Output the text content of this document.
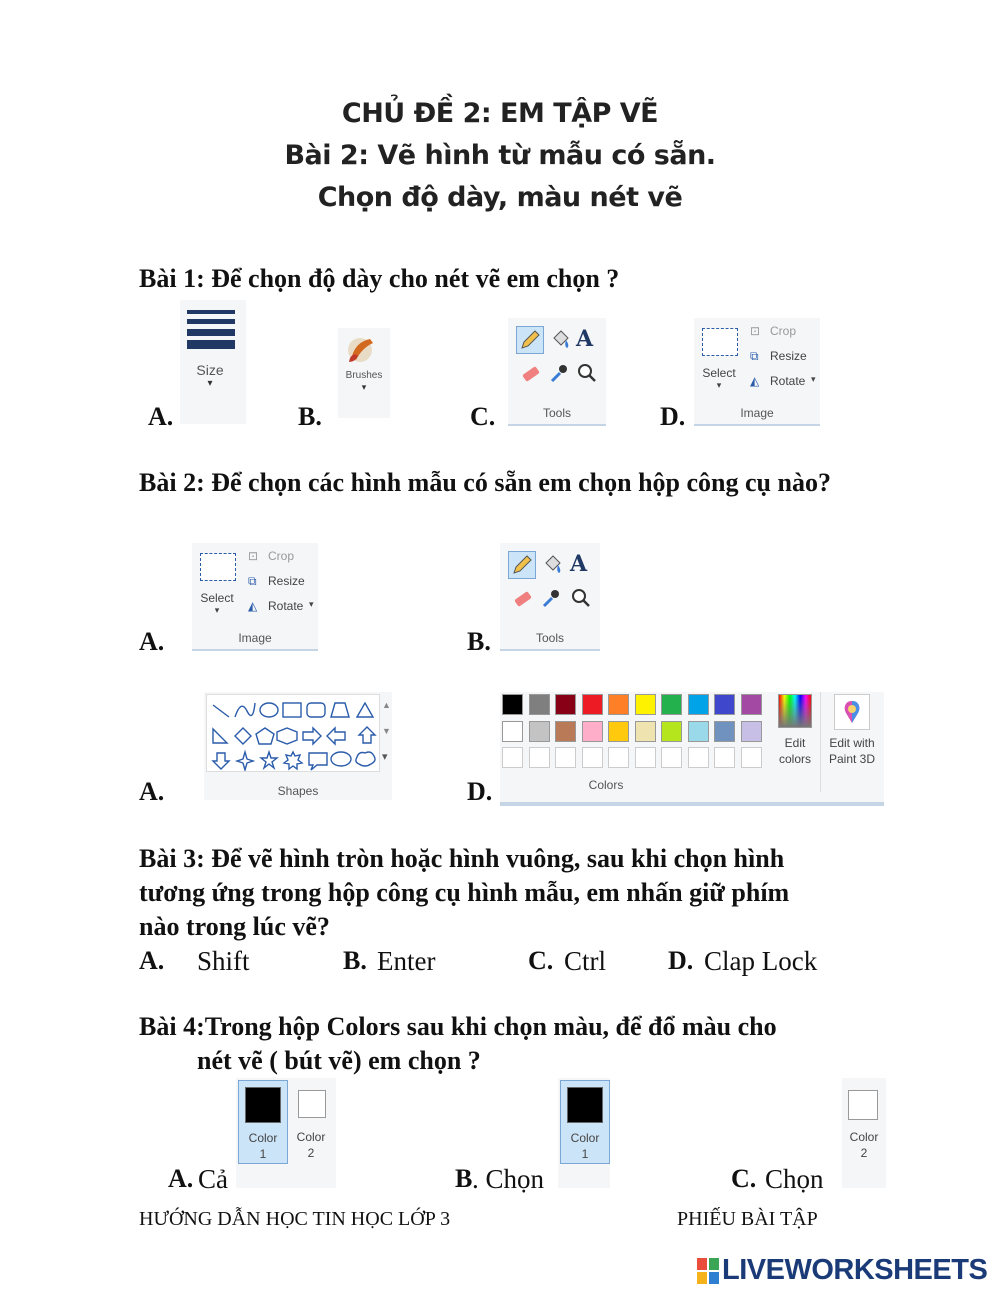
CHỦ ĐỀ 2: EM TẬP VẼ
Bài 2: Vẽ hình từ mẫu có sẵn.
Chọn độ dày, màu nét vẽ
Bài 1: Để chọn độ dày cho nét vẽ em chọn ?
A.
Size
▾
B.
Brushes
▾
C.
A
Tools	D.
Select
▾
⊡ Crop
⧉ Resize
◭ Rotate ▾
Image
Bài 2: Để chọn các hình mẫu có sẵn em chọn hộp công cụ nào?
A.
Select
▾
⊡ Crop
⧉ Resize
◭ Rotate ▾
Image	B.
A
Tools
A.
▲
▼
▾
Shapes	D.
Edit
colors
Edit with
Paint 3D
Colors
Bài 3: Để vẽ hình tròn hoặc hình vuông, sau khi chọn hình
tương ứng trong hộp công cụ hình mẫu, em nhấn giữ phím
nào trong lúc vẽ?
A. Shift	B. Enter	C. Ctrl D. Clap Lock
Bài 4:Trong hộp Colors sau khi chọn màu, để đổ màu cho
nét vẽ ( bút vẽ) em chọn ?
A. Cả
Color
1
Color
2
B . Chọn
Color
1
C. Chọn
Color
2
HƯỚNG DẪN HỌC TIN HỌC LỚP 3	PHIẾU BÀI TẬP
LIVEWORKSHEETS
